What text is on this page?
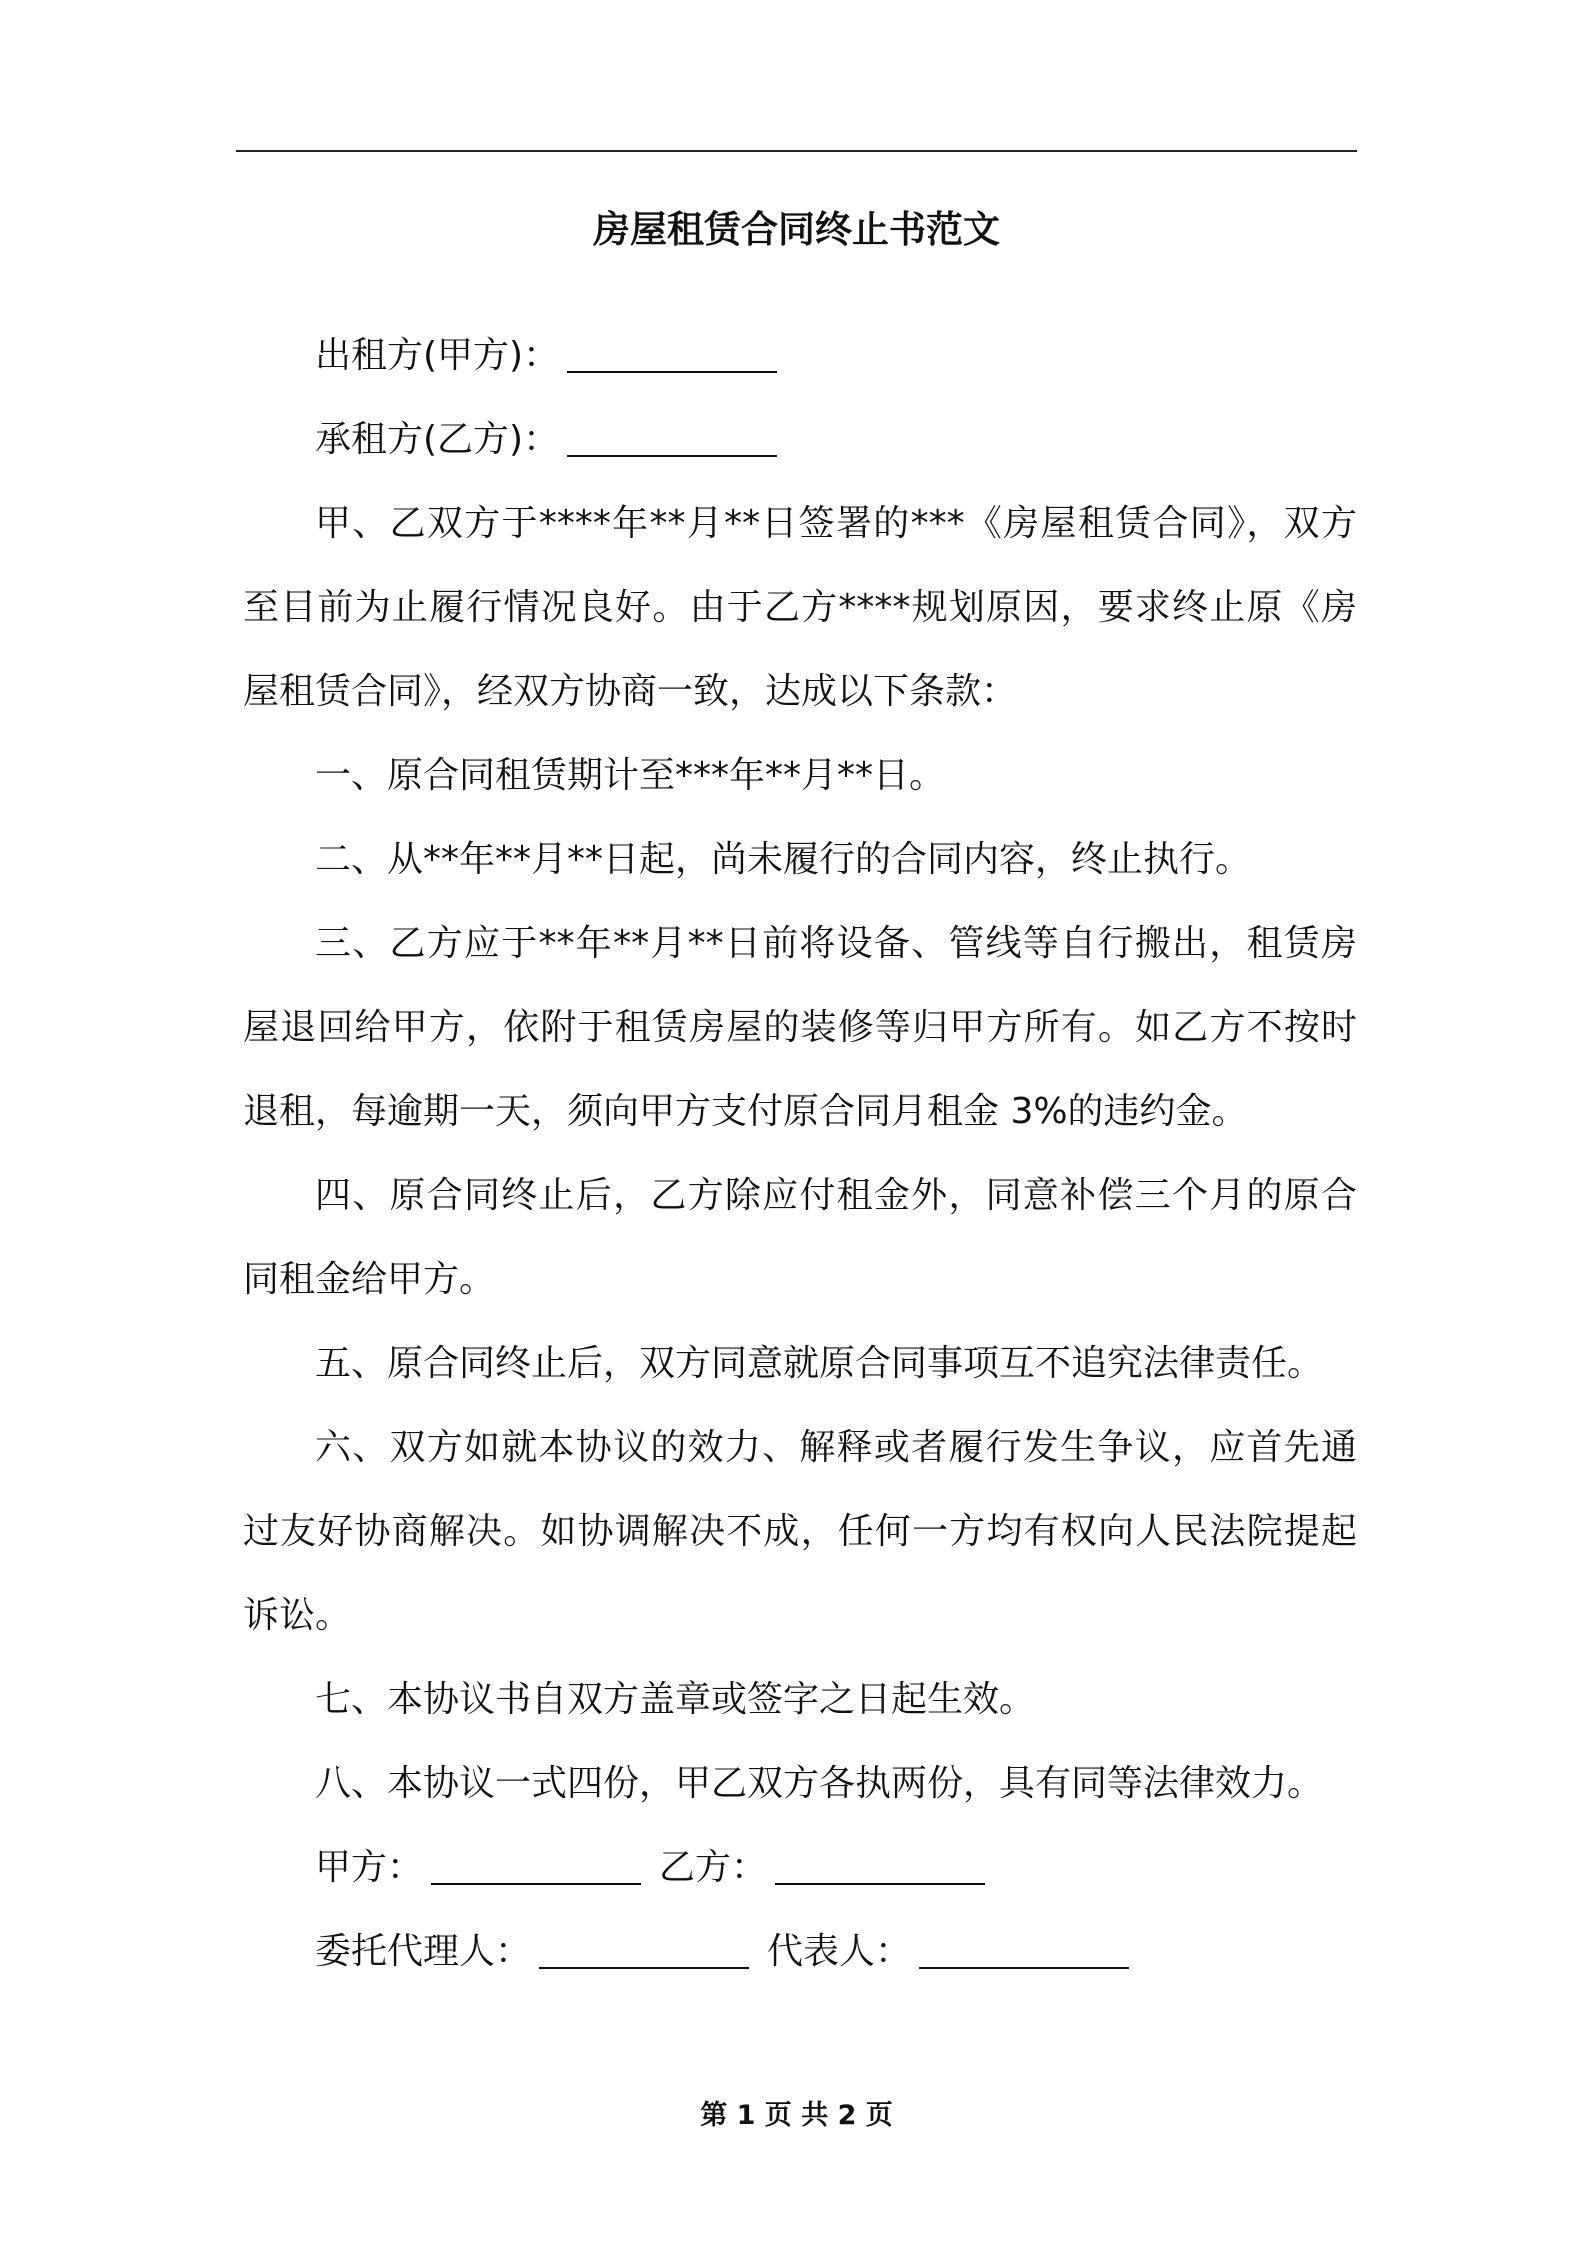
房屋租赁合同终止书范文

出租方(甲方)：

承租方(乙方)：

甲、乙双方于****年**月**日签署的***《房屋租赁合同》，双方至目前为止履行情况良好。由于乙方****规划原因，要求终止原《房屋租赁合同》，经双方协商一致，达成以下条款：

一、原合同租赁期计至***年**月**日。

二、从**年**月**日起，尚未履行的合同内容，终止执行。

三、乙方应于**年**月**日前将设备、管线等自行搬出，租赁房屋退回给甲方，依附于租赁房屋的装修等归甲方所有。如乙方不按时退租，每逾期一天，须向甲方支付原合同月租金 3%的违约金。

四、原合同终止后，乙方除应付租金外，同意补偿三个月的原合同租金给甲方。

五、原合同终止后，双方同意就原合同事项互不追究法律责任。

六、双方如就本协议的效力、解释或者履行发生争议，应首先通过友好协商解决。如协调解决不成，任何一方均有权向人民法院提起诉讼。

七、本协议书自双方盖章或签字之日起生效。

八、本协议一式四份，甲乙双方各执两份，具有同等法律效力。

甲方：	乙方：

委托代理人：	代表人：

第 1 页 共 2 页
